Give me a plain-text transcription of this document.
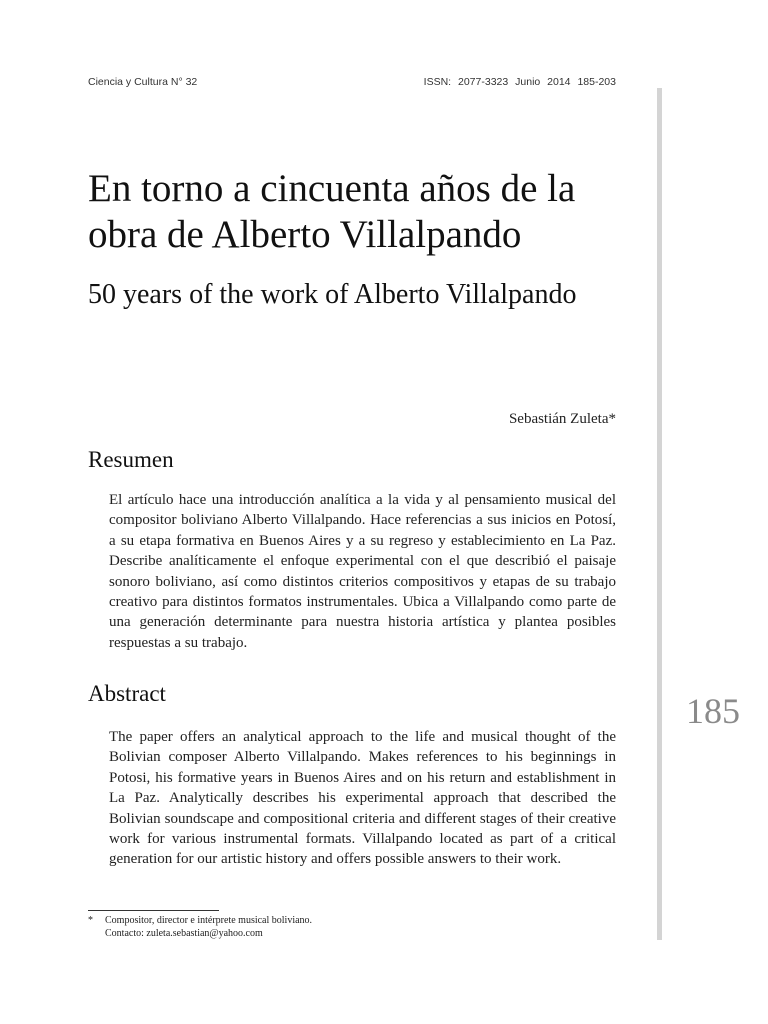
Ciencia y Cultura N° 32	ISSN: 2077-3323 Junio 2014 185-203
185
En torno a cincuenta años de la obra de Alberto Villalpando
50 years of the work of Alberto Villalpando
Sebastián Zuleta*
Resumen

El artículo hace una introducción analítica a la vida y al pensamiento musical del compositor boliviano Alberto Villalpando. Hace referencias a sus inicios en Potosí, a su etapa formativa en Buenos Aires y a su regreso y establecimiento en La Paz. Describe analíticamente el enfoque experimental con el que describió el paisaje sonoro boliviano, así como distintos criterios compositivos y etapas de su trabajo creativo para distintos formatos instrumentales. Ubica a Villalpando como parte de una generación determinante para nuestra historia artística y plantea posibles respuestas a su trabajo.

Abstract

The paper offers an analytical approach to the life and musical thought of the Bolivian composer Alberto Villalpando. Makes references to his beginnings in Potosi, his formative years in Buenos Aires and on his return and establishment in La Paz. Analytically describes his experimental approach that described the Bolivian soundscape and compositional criteria and different stages of their creative work for various instrumental formats. Villalpando located as part of a critical generation for our artistic history and offers possible answers to their work.

* Compositor, director e intérprete musical boliviano.
Contacto: zuleta.sebastian@yahoo.com
